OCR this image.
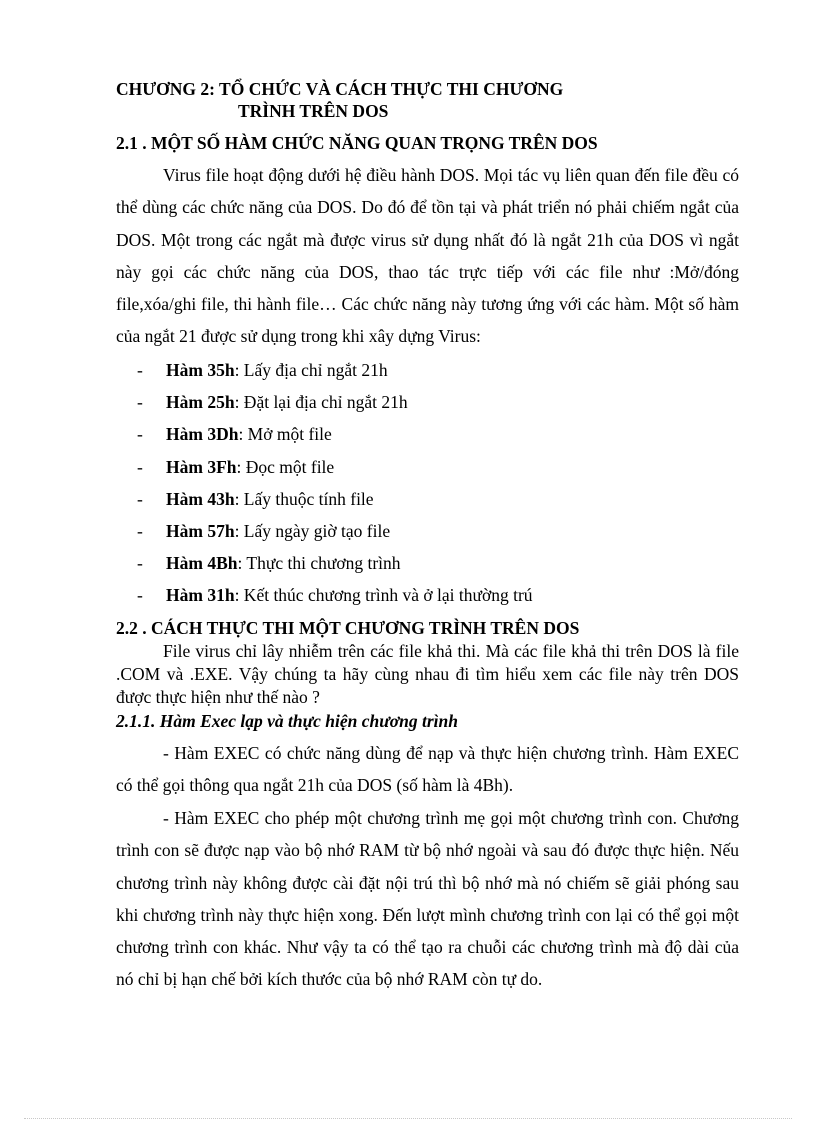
CHƯƠNG 2: TỔ CHỨC VÀ CÁCH THỰC THI CHƯƠNG
TRÌNH TRÊN DOS
2.1 . MỘT SỐ HÀM CHỨC NĂNG QUAN TRỌNG TRÊN DOS

Virus file hoạt động dưới hệ điều hành DOS. Mọi tác vụ liên quan đến file đều có thể dùng các chức năng của DOS. Do đó để tồn tại và phát triển nó phải chiếm ngắt của DOS. Một trong các ngắt mà được virus sử dụng nhất đó là ngắt 21h của DOS vì ngắt này gọi các chức năng của DOS, thao tác trực tiếp với các file như :Mở/đóng file,xóa/ghi file, thi hành file… Các chức năng này tương ứng với các hàm. Một số hàm của ngắt 21 được sử dụng trong khi xây dựng Virus:

- Hàm 35h: Lấy địa chỉ ngắt 21h
- Hàm 25h: Đặt lại địa chỉ ngắt 21h
- Hàm 3Dh: Mở một file
- Hàm 3Fh: Đọc một file
- Hàm 43h: Lấy thuộc tính file
- Hàm 57h: Lấy ngày giờ tạo file
- Hàm 4Bh: Thực thi chương trình
- Hàm 31h: Kết thúc chương trình và ở lại thường trú
2.2 . CÁCH THỰC THI MỘT CHƯƠNG TRÌNH TRÊN DOS

File virus chỉ lây nhiễm trên các file khả thi. Mà các file khả thi trên DOS là file .COM và .EXE. Vậy chúng ta hãy cùng nhau đi tìm hiểu xem các file này trên DOS được thực hiện như thế nào ?

2.1.1. Hàm Exec lạp và thực hiện chương trình

- Hàm EXEC có chức năng dùng để nạp và thực hiện chương trình. Hàm EXEC có thể gọi thông qua ngắt 21h của DOS (số hàm là 4Bh).

- Hàm EXEC cho phép một chương trình mẹ gọi một chương trình con. Chương trình con sẽ được nạp vào bộ nhớ RAM từ bộ nhớ ngoài và sau đó được thực hiện. Nếu chương trình này không được cài đặt nội trú thì bộ nhớ mà nó chiếm sẽ giải phóng sau khi chương trình này thực hiện xong. Đến lượt mình chương trình con lại có thể gọi một chương trình con khác. Như vậy ta có thể tạo ra chuỗi các chương trình mà độ dài của nó chỉ bị hạn chế bởi kích thước của bộ nhớ RAM còn tự do.
